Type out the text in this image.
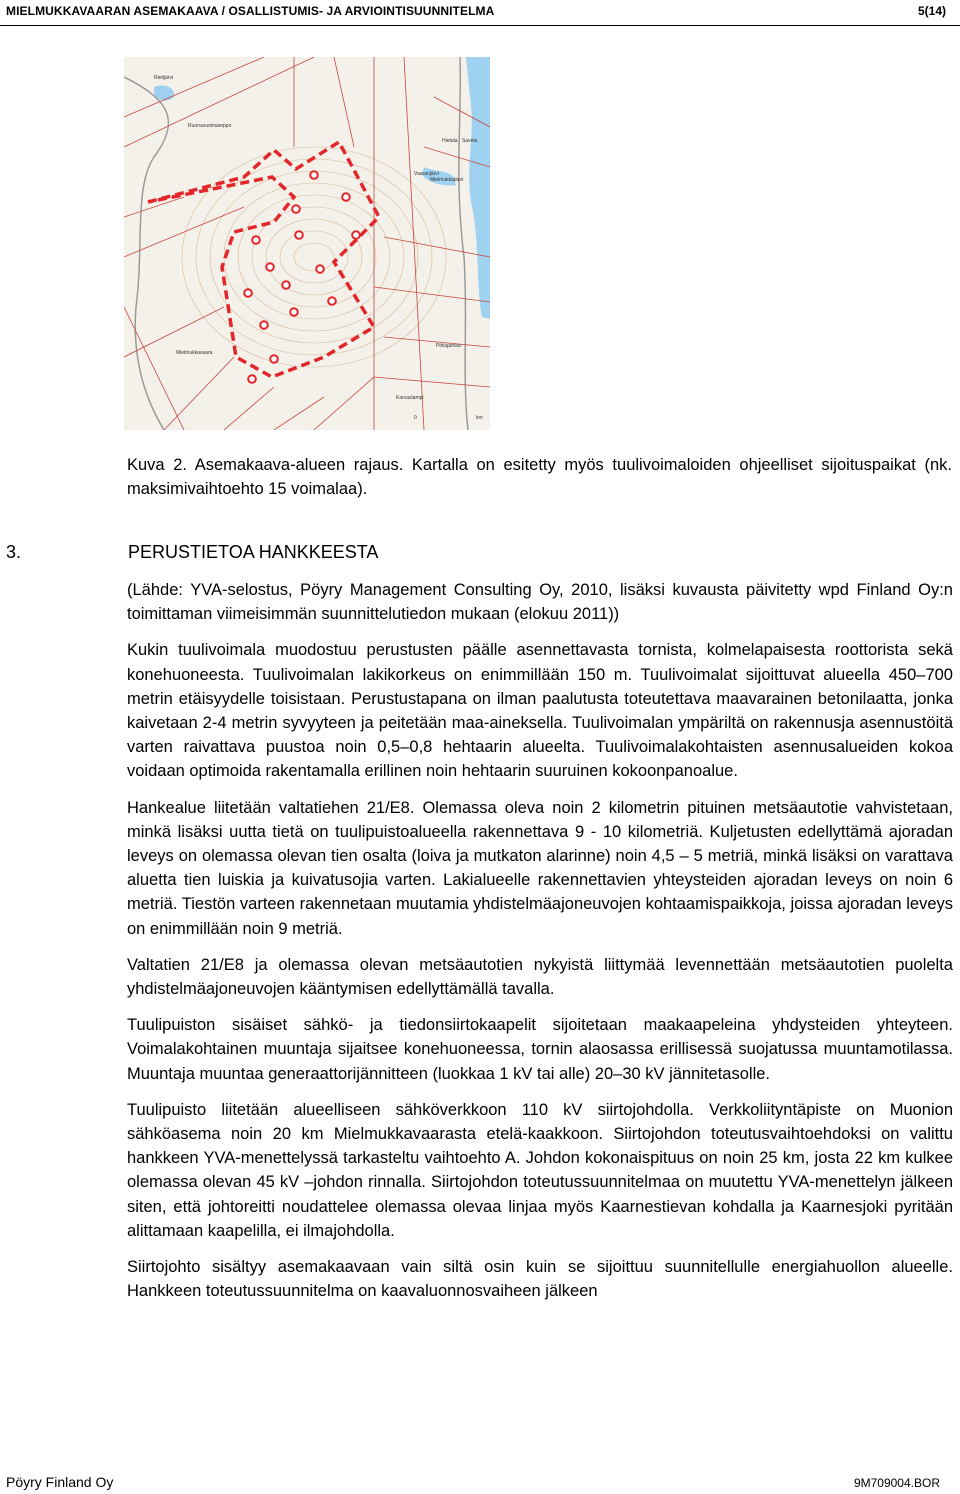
MIELMUKKAVAARAN ASEMAKAAVA / OSALLISTUMIS- JA ARVIOINTISUUNNITELMA	5(14)
Ruonavuomaseppo
Rietijärvi
Hietala Savela
Vaaranjärvi
Mielmukkajärvi
Mielmukkavaara
Pihlajamaa
Karvaslampi
0	km
Kuva 2. Asemakaava-alueen rajaus. Kartalla on esitetty myös tuulivoimaloiden ohjeelliset sijoituspaikat (nk. maksimivaihtoehto 15 voimalaa).
3.	PERUSTIETOA HANKKEESTA

(Lähde: YVA-selostus, Pöyry Management Consulting Oy, 2010, lisäksi kuvausta päivitetty wpd Finland Oy:n toimittaman viimeisimmän suunnittelutiedon mukaan (elokuu 2011))

Kukin tuulivoimala muodostuu perustusten päälle asennettavasta tornista, kolmelapaisesta roottorista sekä konehuoneesta. Tuulivoimalan lakikorkeus on enimmillään 150 m. Tuulivoimalat sijoittuvat alueella 450–700 metrin etäisyydelle toisistaan. Perustustapana on ilman paalutusta toteutettava maavarainen betonilaatta, jonka kaivetaan 2-4 metrin syvyyteen ja peitetään maa-aineksella. Tuulivoimalan ympäriltä on rakennusja asennustöitä varten raivattava puustoa noin 0,5–0,8 hehtaarin alueelta. Tuulivoimalakohtaisten asennusalueiden kokoa voidaan optimoida rakentamalla erillinen noin hehtaarin suuruinen kokoonpanoalue.

Hankealue liitetään valtatiehen 21/E8. Olemassa oleva noin 2 kilometrin pituinen metsäautotie vahvistetaan, minkä lisäksi uutta tietä on tuulipuistoalueella rakennettava 9 - 10 kilometriä. Kuljetusten edellyttämä ajoradan leveys on olemassa olevan tien osalta (loiva ja mutkaton alarinne) noin 4,5 – 5 metriä, minkä lisäksi on varattava aluetta tien luiskia ja kuivatusojia varten. Lakialueelle rakennettavien yhteysteiden ajoradan leveys on noin 6 metriä. Tiestön varteen rakennetaan muutamia yhdistelmäajoneuvojen kohtaamispaikkoja, joissa ajoradan leveys on enimmillään noin 9 metriä.

Valtatien 21/E8 ja olemassa olevan metsäautotien nykyistä liittymää levennettään metsäautotien puolelta yhdistelmäajoneuvojen kääntymisen edellyttämällä tavalla.

Tuulipuiston sisäiset sähkö- ja tiedonsiirtokaapelit sijoitetaan maakaapeleina yhdysteiden yhteyteen. Voimalakohtainen muuntaja sijaitsee konehuoneessa, tornin alaosassa erillisessä suojatussa muuntamotilassa. Muuntaja muuntaa generaattorijännitteen (luokkaa 1 kV tai alle) 20–30 kV jännitetasolle.

Tuulipuisto liitetään alueelliseen sähköverkkoon 110 kV siirtojohdolla. Verkkoliityntäpiste on Muonion sähköasema noin 20 km Mielmukkavaarasta etelä-kaakkoon. Siirtojohdon toteutusvaihtoehdoksi on valittu hankkeen YVA-menettelyssä tarkasteltu vaihtoehto A. Johdon kokonaispituus on noin 25 km, josta 22 km kulkee olemassa olevan 45 kV –johdon rinnalla. Siirtojohdon toteutussuunnitelmaa on muutettu YVA-menettelyn jälkeen siten, että johtoreitti noudattelee olemassa olevaa linjaa myös Kaarnestievan kohdalla ja Kaarnesjoki pyritään alittamaan kaapelilla, ei ilmajohdolla.

Siirtojohto sisältyy asemakaavaan vain siltä osin kuin se sijoittuu suunnitellulle energiahuollon alueelle. Hankkeen toteutussuunnitelma on kaavaluonnosvaiheen jälkeen

Pöyry Finland Oy	9M709004.BOR
